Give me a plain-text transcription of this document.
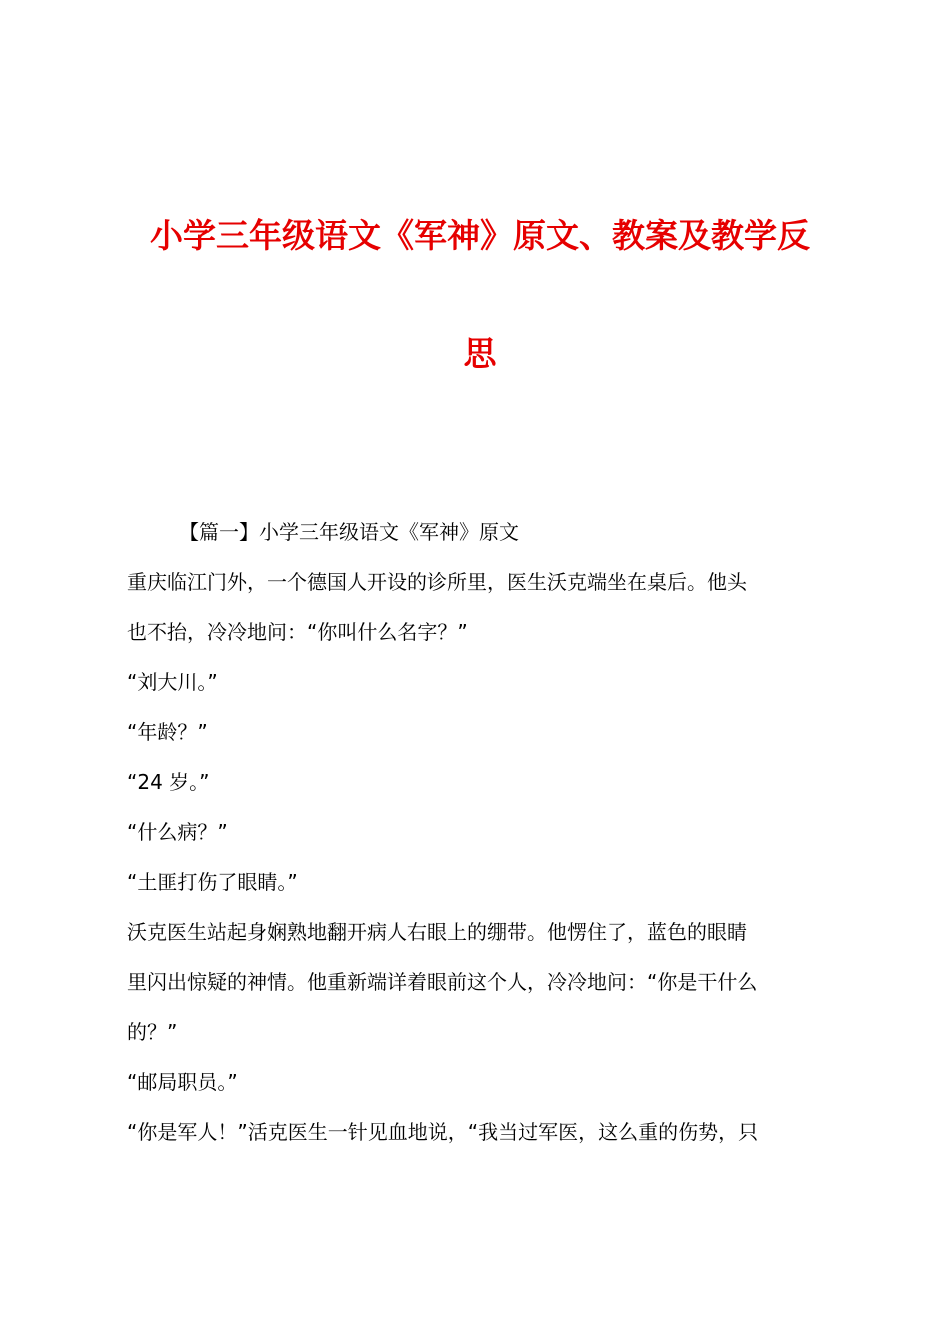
小学三年级语文《军神》原文、教案及教学反
思
【篇一】小学三年级语文《军神》原文
重庆临江门外，一个德国人开设的诊所里，医生沃克端坐在桌后。他头
也不抬，冷冷地问：“你叫什么名字？”
“刘大川。”
“年龄？”
“24 岁。”
“什么病？”
“土匪打伤了眼睛。”
沃克医生站起身娴熟地翻开病人右眼上的绷带。他愣住了，蓝色的眼睛
里闪出惊疑的神情。他重新端详着眼前这个人，冷冷地问：“你是干什么
的？”
“邮局职员。”
“你是军人！”活克医生一针见血地说，“我当过军医，这么重的伤势，只
